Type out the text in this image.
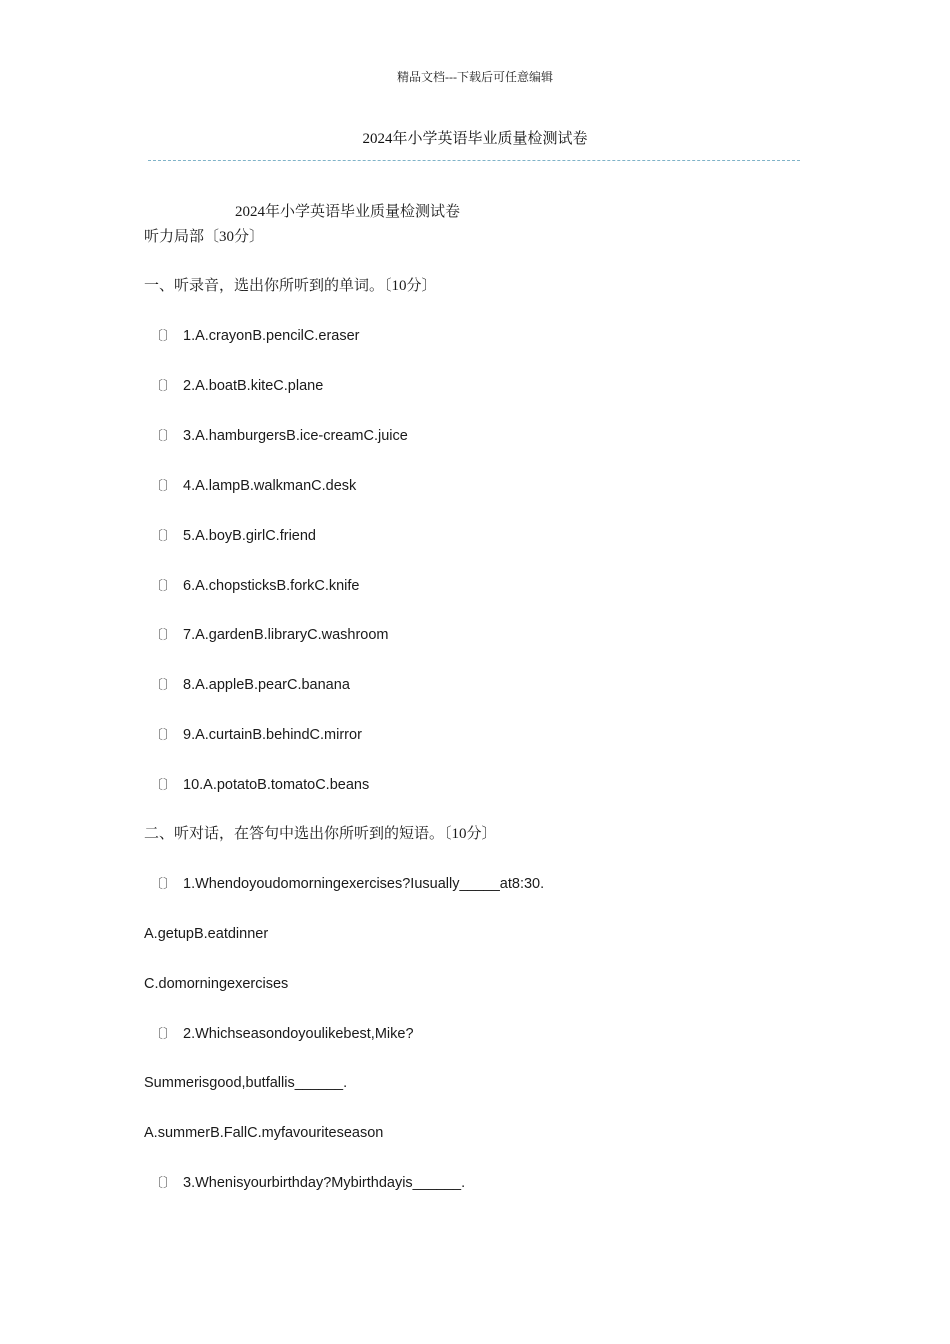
精品文档---下载后可任意编辑
2024年小学英语毕业质量检测试卷
2024年小学英语毕业质量检测试卷
听力局部〔30分〕
一、听录音，选出你所听到的单词。〔10分〕
〔〕 1.A.crayonB.pencilC.eraser
〔〕 2.A.boatB.kiteC.plane
〔〕 3.A.hamburgersB.ice-creamC.juice
〔〕 4.A.lampB.walkmanC.desk
〔〕 5.A.boyB.girlC.friend
〔〕 6.A.chopsticksB.forkC.knife
〔〕 7.A.gardenB.libraryC.washroom
〔〕 8.A.appleB.pearC.banana
〔〕 9.A.curtainB.behindC.mirror
〔〕 10.A.potatoB.tomatoC.beans
二、听对话，在答句中选出你所听到的短语。〔10分〕
〔〕 1.Whendoyoudomorningexercises?Iusually_____at8:30.
A.getupB.eatdinner
C.domorningexercises
〔〕 2.Whichseasondoyoulikebest,Mike?
Summerisgood,butfallis______.
A.summerB.FallC.myfavouriteseason
〔〕 3.Whenisyourbirthday?Mybirthdayis______.
